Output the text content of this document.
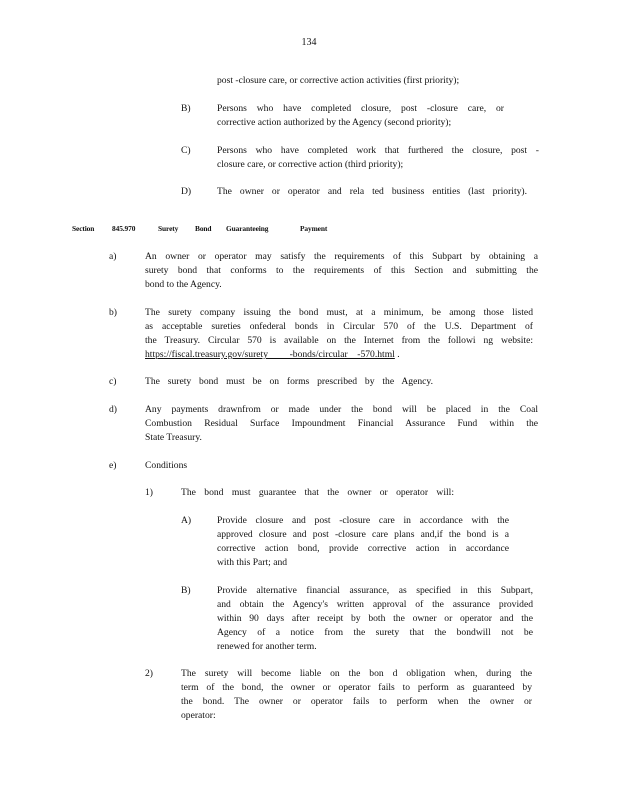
134
post -closure care, or corrective action activities (first priority);
B)	Persons who have completed closure, post -closure care, or
corrective action authorized by the Agency (second priority);
C)	Persons who have completed work that furthered the closure, post -
closure care, or corrective action (third priority);
D)	The owner or operator and rela ted business entities (last priority).
Section 845.970	Surety Bond Guaranteeing	Payment
a)	An owner or operator may satisfy the requirements of this Subpart by obtaining a
surety bond that conforms to the requirements of this Section and submitting the
bond to the Agency.
b)	The surety company issuing the bond must, at a minimum, be among those listed
as acceptable sureties onfederal bonds in Circular 570 of the U.S. Department of
the Treasury. Circular 570 is available on the Internet from the followi ng website:
https://fiscal.treasury.gov/surety         -bonds/circular    -570.html .
c)	The surety bond must be on forms prescribed by the Agency.
d)	Any payments drawnfrom or made under the bond will be placed in the Coal
Combustion Residual Surface Impoundment Financial Assurance Fund within the
State Treasury.
e)	Conditions
1)	The bond must guarantee that the owner or operator will:
A)	Provide closure and post -closure care in accordance with the
approved closure and post -closure care plans and,if the bond is a
corrective action bond, provide corrective action in accordance
with this Part; and
B)	Provide alternative financial assurance, as specified in this Subpart,
and obtain the Agency's written approval of the assurance provided
within 90 days after receipt by both the owner or operator and the
Agency of a notice from the surety that the bondwill not be
renewed for another term.
2)	The surety will become liable on the bon d obligation when, during the
term of the bond, the owner or operator fails to perform as guaranteed by
the bond. The owner or operator fails to perform when the owner or
operator:
